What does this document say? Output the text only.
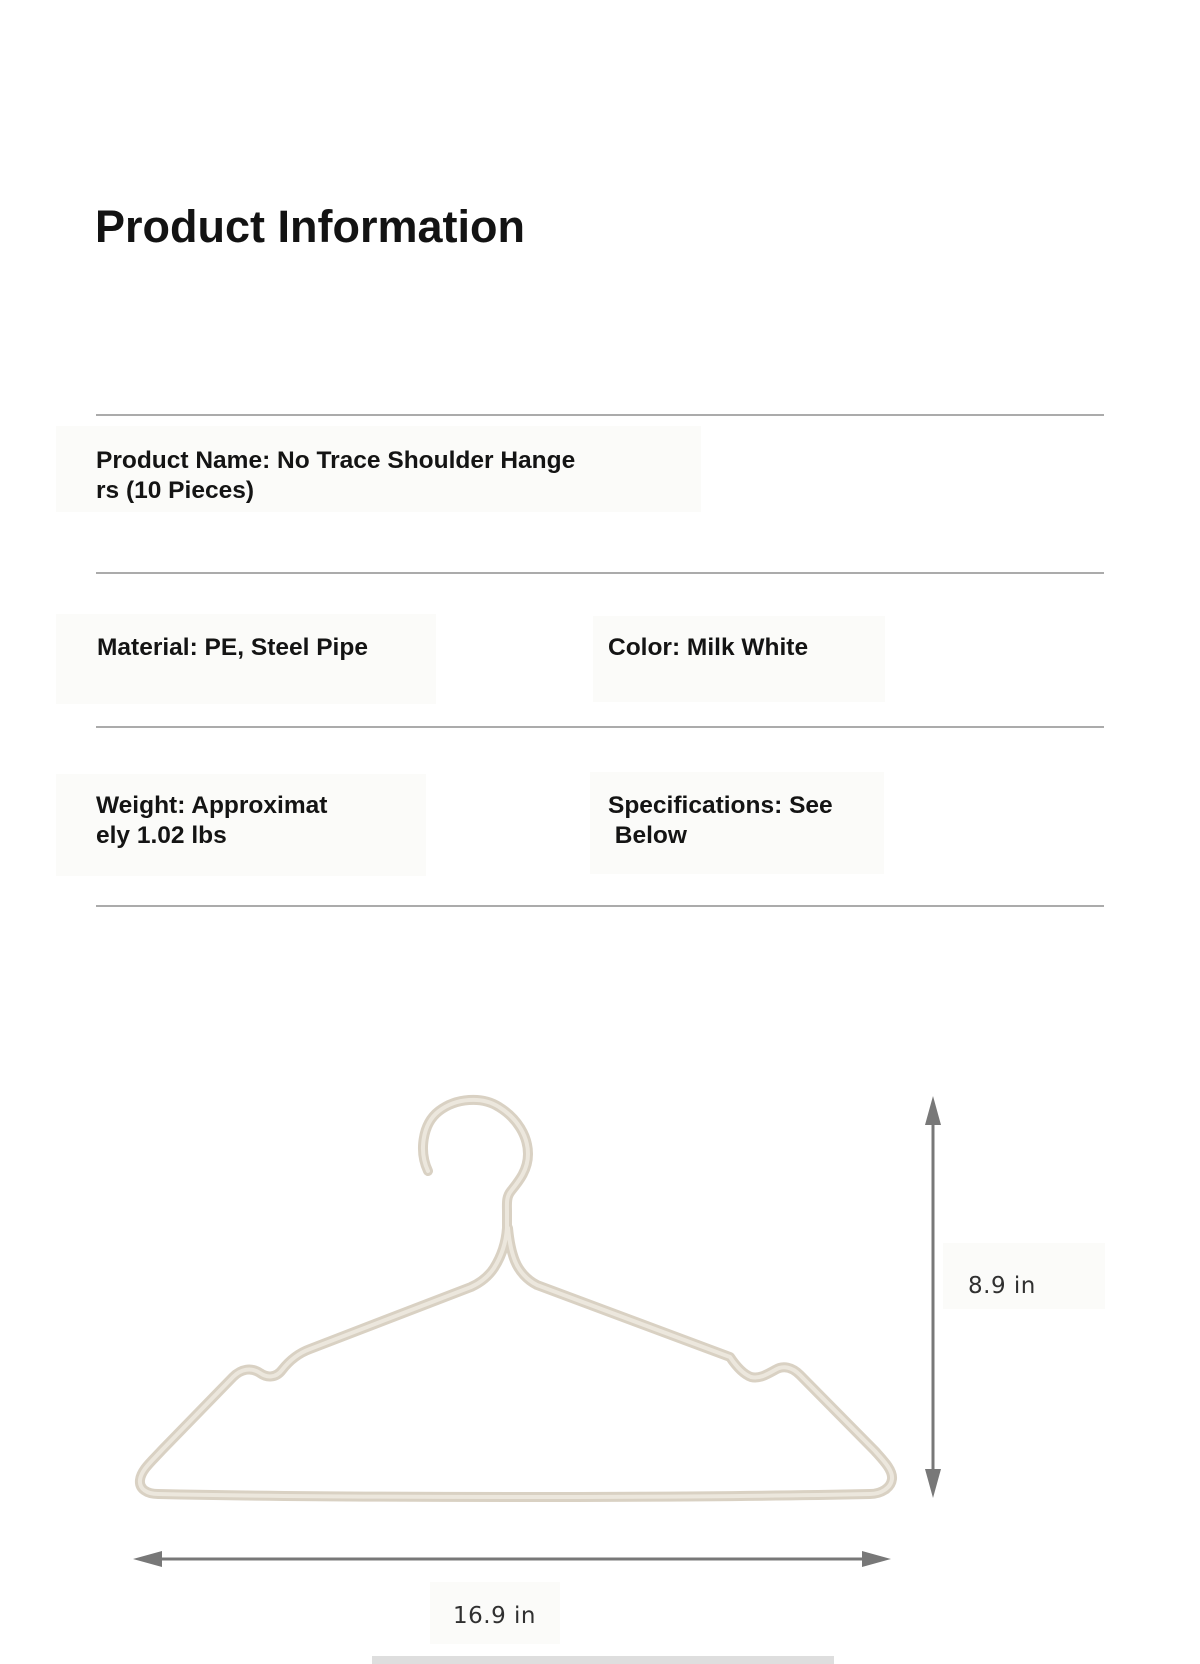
Product Information
Product Name: No Trace Shoulder Hange
rs (10 Pieces)
Material: PE, Steel Pipe	Color: Milk White
Weight: Approximat
ely 1.02 lbs
Specifications: See
Below
8.9 in
16.9 in
